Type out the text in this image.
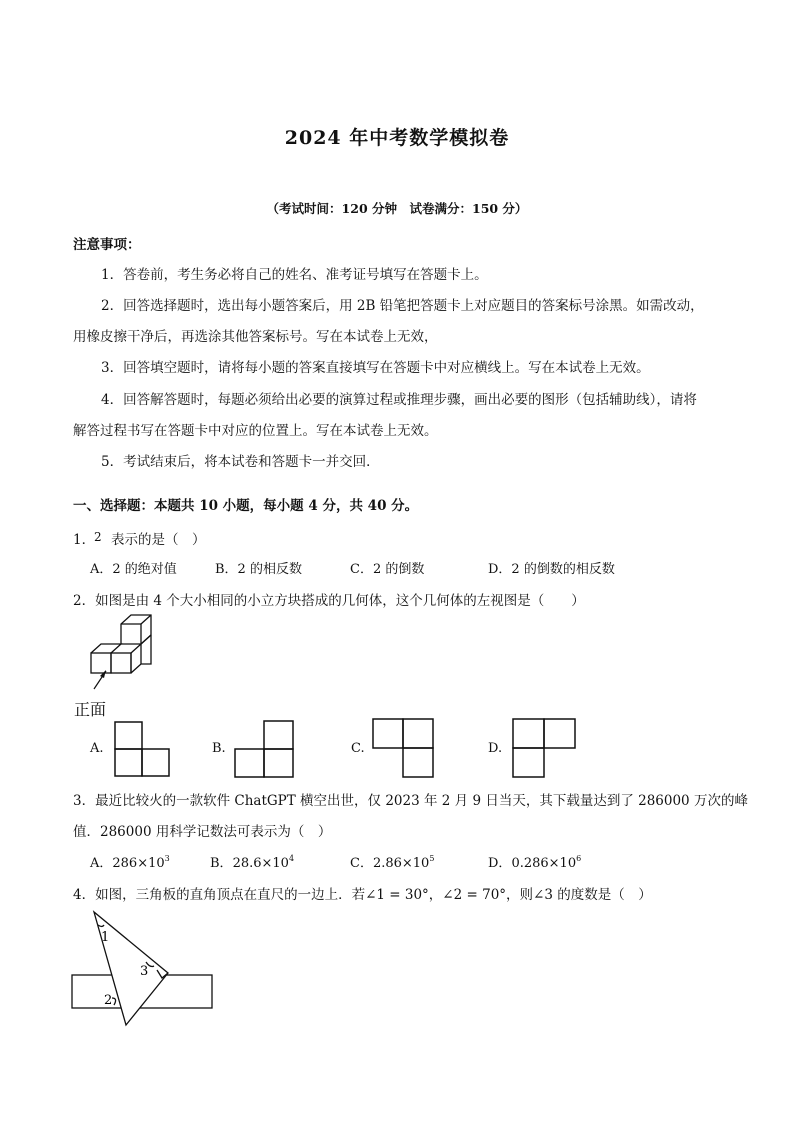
2024 年中考数学模拟卷
（考试时间：120 分钟　试卷满分：150 分）
注意事项：
1．答卷前，考生务必将自己的姓名、准考证号填写在答题卡上。
2．回答选择题时，选出每小题答案后，用 2B 铅笔把答题卡上对应题目的答案标号涂黑。如需改动，
用橡皮擦干净后，再选涂其他答案标号。写在本试卷上无效，
3．回答填空题时，请将每小题的答案直接填写在答题卡中对应横线上。写在本试卷上无效。
4．回答解答题时，每题必须给出必要的演算过程或推理步骤，画出必要的图形（包括辅助线），请将
解答过程书写在答题卡中对应的位置上。写在本试卷上无效。
5．考试结束后，将本试卷和答题卡一并交回．
一、选择题：本题共 10 小题，每小题 4 分，共 40 分。
1．
2 表示的是（　）
A．2 的绝对值	B．2 的相反数	C．2 的倒数	D．2 的倒数的相反数
2．如图是由 4 个大小相同的小立方块搭成的几何体，这个几何体的左视图是（　　）
正面
A.	B.	C.	D.
3．最近比较火的一款软件 ChatGPT 横空出世，仅 2023 年 2 月 9 日当天，其下载量达到了 286000 万次的峰
值．286000 用科学记数法可表示为（　）
A．$286\times 10^3$	B．$28.6\times 10^4$	C．$2.86\times 10^5$	D．$0.286\times 10^6$
4．如图，三角板的直角顶点在直尺的一边上．若∠1 = 30°，∠2 = 70°，则∠3 的度数是（　）
1
2
3
